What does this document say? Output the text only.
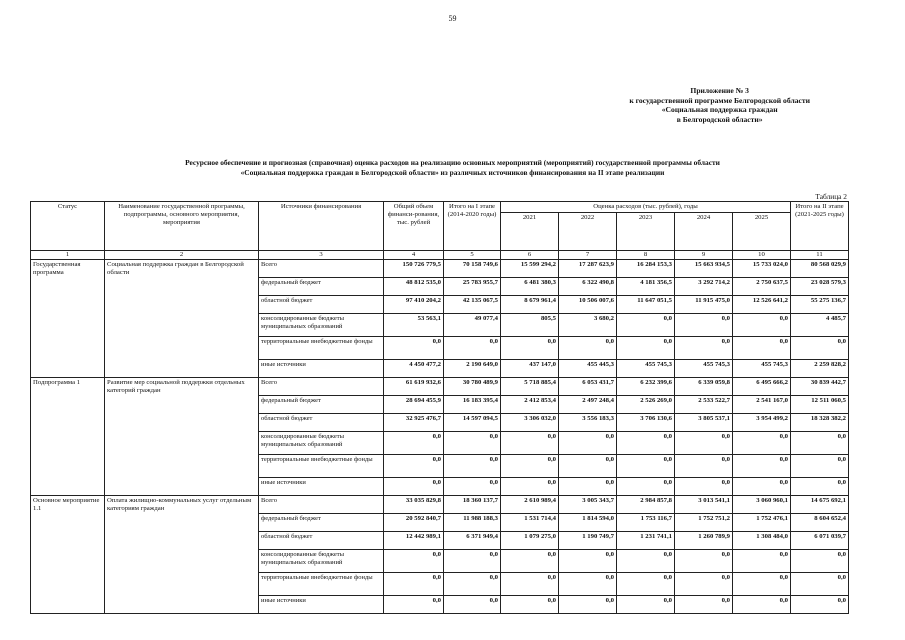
59
Приложение № 3
к государственной программе Белгородской области
«Социальная поддержка граждан
в Белгородской области»
Ресурсное обеспечение и прогнозная (справочная) оценка расходов на реализацию основных мероприятий (мероприятий) государственной программы области
«Социальная поддержка граждан в Белгородской области» из различных источников финансирования на II этапе реализации
Таблица 2
Статус	Наименование государственной программы, подпрограммы, основного мероприятия, мероприятия	Источники финансирования	Общий объем финанси-рования, тыс. рублей	Итого на I этапе (2014-2020 годы)	Оценка расходов (тыс. рублей), годы					Итого на II этапе (2021-2025 годы)
					2021	2022	2023	2024	2025	
1	2	3	4	5	6	7	8	9	10	11
Государственная программа	Социальная поддержка граждан в Белгородской области	Всего	150 726 779,5	70 158 749,6	15 599 294,2	17 287 623,9	16 284 153,3	15 663 934,5	15 733 024,0	80 568 029,9
		федеральный бюджет	48 812 535,0	25 783 955,7	6 481 380,3	6 322 490,8	4 181 356,5	3 292 714,2	2 750 637,5	23 028 579,3
		областной бюджет	97 410 204,2	42 135 067,5	8 679 961,4	10 506 007,6	11 647 051,5	11 915 475,0	12 526 641,2	55 275 136,7
		консолидированные бюджеты муниципальных образований	53 563,1	49 077,4	805,5	3 680,2	0,0	0,0	0,0	4 485,7
		территориальные внебюджетные фонды	0,0	0,0	0,0	0,0	0,0	0,0	0,0	0,0
		иные источники	4 450 477,2	2 190 649,0	437 147,0	455 445,3	455 745,3	455 745,3	455 745,3	2 259 828,2
Подпрограмма 1	Развитие мер социальной поддержки отдельных категорий граждан	Всего	61 619 932,6	30 780 489,9	5 718 885,4	6 053 431,7	6 232 399,6	6 339 059,8	6 495 666,2	30 839 442,7
		федеральный бюджет	28 694 455,9	16 183 395,4	2 412 853,4	2 497 248,4	2 526 269,0	2 533 522,7	2 541 167,0	12 511 060,5
		областной бюджет	32 925 476,7	14 597 094,5	3 306 032,0	3 556 183,3	3 706 130,6	3 805 537,1	3 954 499,2	18 328 382,2
		консолидированные бюджеты муниципальных образований	0,0	0,0	0,0	0,0	0,0	0,0	0,0	0,0
		территориальные внебюджетные фонды	0,0	0,0	0,0	0,0	0,0	0,0	0,0	0,0
		иные источники	0,0	0,0	0,0	0,0	0,0	0,0	0,0	0,0
Основное мероприятие 1.1	Оплата жилищно-коммунальных услуг отдельным категориям граждан	Всего	33 035 829,8	18 360 137,7	2 610 989,4	3 005 343,7	2 984 857,8	3 013 541,1	3 060 960,1	14 675 692,1
		федеральный бюджет	20 592 840,7	11 988 188,3	1 531 714,4	1 814 594,0	1 753 116,7	1 752 751,2	1 752 476,1	8 604 652,4
		областной бюджет	12 442 989,1	6 371 949,4	1 079 275,0	1 190 749,7	1 231 741,1	1 260 789,9	1 308 484,0	6 071 039,7
		консолидированные бюджеты муниципальных образований	0,0	0,0	0,0	0,0	0,0	0,0	0,0	0,0
		территориальные внебюджетные фонды	0,0	0,0	0,0	0,0	0,0	0,0	0,0	0,0
		иные источники	0,0	0,0	0,0	0,0	0,0	0,0	0,0	0,0
